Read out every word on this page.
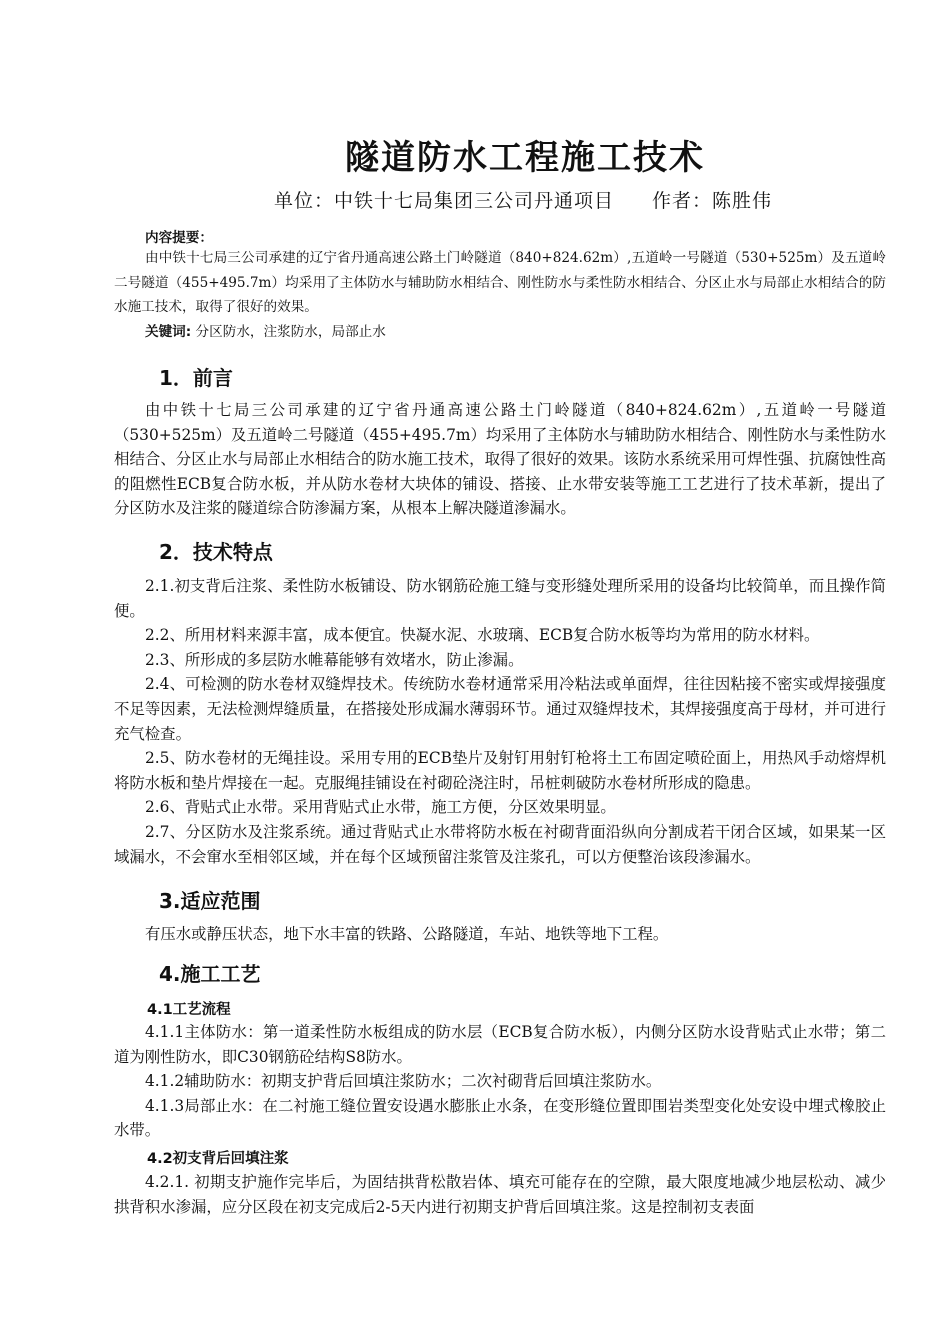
隧道防水工程施工技术

单位：中铁十七局集团三公司丹通项目 作者：陈胜伟

内容提要：

由中铁十七局三公司承建的辽宁省丹通高速公路土门岭隧道（840+824.62m）,五道岭一号隧道（530+525m）及五道岭二号隧道（455+495.7m）均采用了主体防水与辅助防水相结合、刚性防水与柔性防水相结合、分区止水与局部止水相结合的防水施工技术，取得了很好的效果。

关键词: 分区防水，注浆防水，局部止水
1．前言

由中铁十七局三公司承建的辽宁省丹通高速公路土门岭隧道（840+824.62m）,五道岭一号隧道（530+525m）及五道岭二号隧道（455+495.7m）均采用了主体防水与辅助防水相结合、刚性防水与柔性防水相结合、分区止水与局部止水相结合的防水施工技术，取得了很好的效果。该防水系统采用可焊性强、抗腐蚀性高的阻燃性ECB复合防水板，并从防水卷材大块体的铺设、搭接、止水带安装等施工工艺进行了技术革新，提出了分区防水及注浆的隧道综合防渗漏方案，从根本上解决隧道渗漏水。

2．技术特点

2.1.初支背后注浆、柔性防水板铺设、防水钢筋砼施工缝与变形缝处理所采用的设备均比较简单，而且操作简便。

2.2、所用材料来源丰富，成本便宜。快凝水泥、水玻璃、ECB复合防水板等均为常用的防水材料。

2.3、所形成的多层防水帷幕能够有效堵水，防止渗漏。

2.4、可检测的防水卷材双缝焊技术。传统防水卷材通常采用冷粘法或单面焊，往往因粘接不密实或焊接强度不足等因素，无法检测焊缝质量，在搭接处形成漏水薄弱环节。通过双缝焊技术，其焊接强度高于母材，并可进行充气检查。

2.5、防水卷材的无绳挂设。采用专用的ECB垫片及射钉用射钉枪将土工布固定喷砼面上，用热风手动熔焊机将防水板和垫片焊接在一起。克服绳挂铺设在衬砌砼浇注时，吊桩刺破防水卷材所形成的隐患。

2.6、背贴式止水带。采用背贴式止水带，施工方便，分区效果明显。

2.7、分区防水及注浆系统。通过背贴式止水带将防水板在衬砌背面沿纵向分割成若干闭合区域，如果某一区域漏水，不会窜水至相邻区域，并在每个区域预留注浆管及注浆孔，可以方便整治该段渗漏水。

3.适应范围

有压水或静压状态，地下水丰富的铁路、公路隧道，车站、地铁等地下工程。

4.施工工艺
4.1工艺流程

4.1.1主体防水：第一道柔性防水板组成的防水层（ECB复合防水板），内侧分区防水设背贴式止水带；第二道为刚性防水，即C30钢筋砼结构S8防水。

4.1.2辅助防水：初期支护背后回填注浆防水；二次衬砌背后回填注浆防水。

4.1.3局部止水：在二衬施工缝位置安设遇水膨胀止水条，在变形缝位置即围岩类型变化处安设中埋式橡胶止水带。

4.2初支背后回填注浆

4.2.1. 初期支护施作完毕后，为固结拱背松散岩体、填充可能存在的空隙，最大限度地减少地层松动、减少拱背积水渗漏，应分区段在初支完成后2-5天内进行初期支护背后回填注浆。这是控制初支表面
